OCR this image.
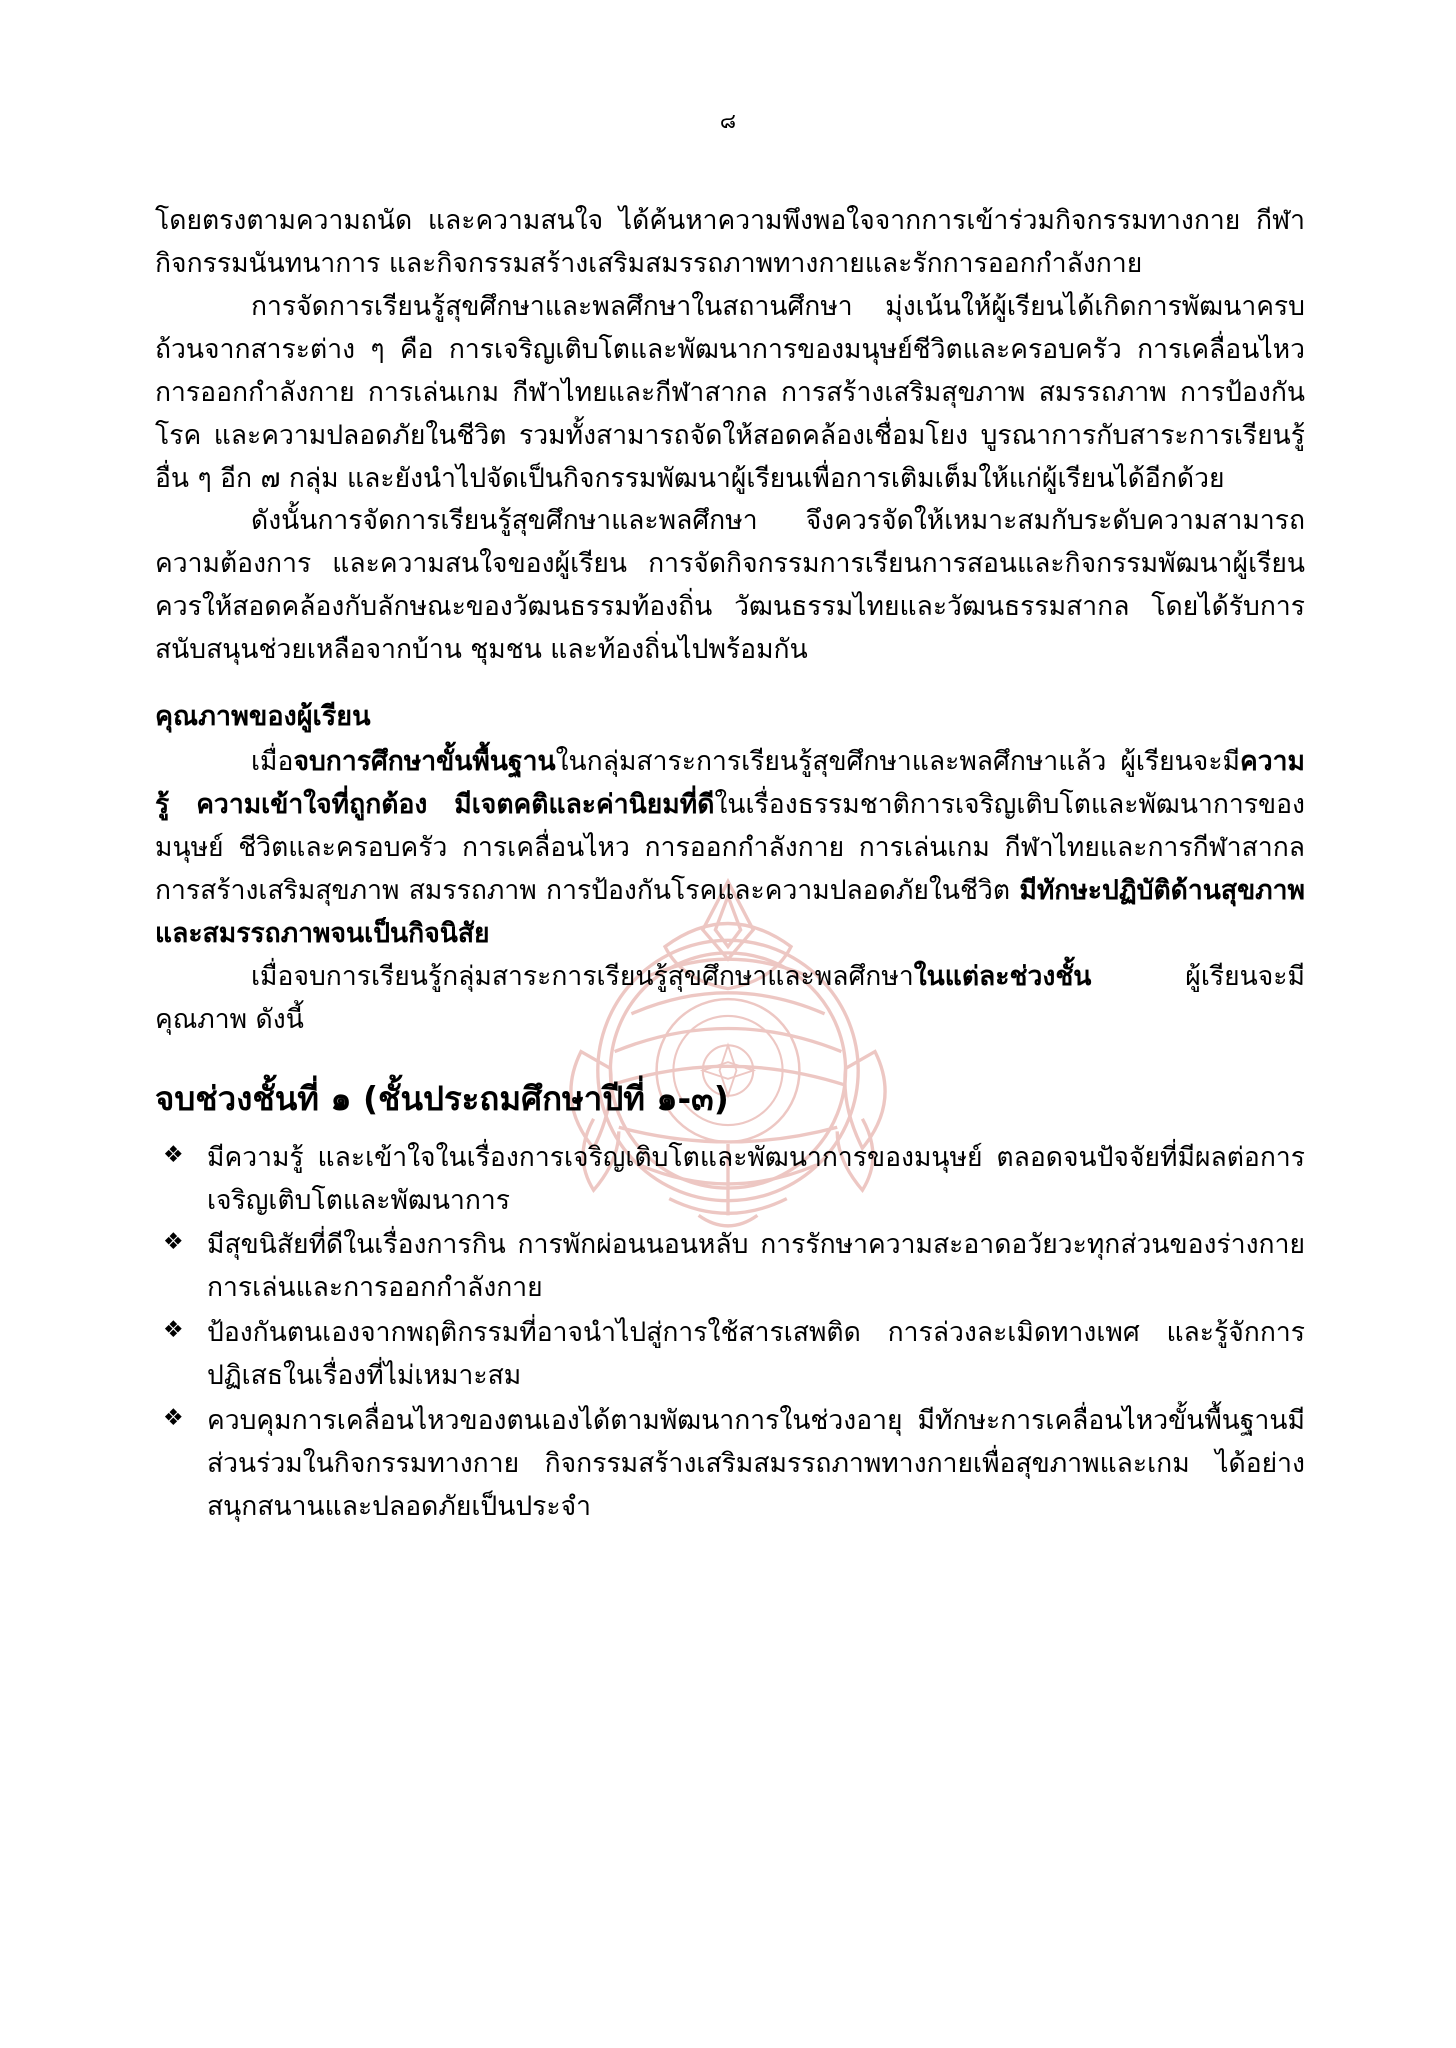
๘

โดยตรงตามความถนัด และความสนใจ ได้ค้นหาความพึงพอใจจากการเข้าร่วมกิจกรรมทางกาย กีฬา กิจกรรมนันทนาการ และกิจกรรมสร้างเสริมสมรรถภาพทางกายและรักการออกกำลังกาย

การจัดการเรียนรู้สุขศึกษาและพลศึกษาในสถานศึกษา มุ่งเน้นให้ผู้เรียนได้เกิดการพัฒนาครบถ้วนจากสาระต่าง ๆ คือ การเจริญเติบโตและพัฒนาการของมนุษย์ชีวิตและครอบครัว การเคลื่อนไหว การออกกำลังกาย การเล่นเกม กีฬาไทยและกีฬาสากล การสร้างเสริมสุขภาพ สมรรถภาพ การป้องกันโรค และความปลอดภัยในชีวิต รวมทั้งสามารถจัดให้สอดคล้องเชื่อมโยง บูรณาการกับสาระการเรียนรู้อื่น ๆ อีก ๗ กลุ่ม และยังนำไปจัดเป็นกิจกรรมพัฒนาผู้เรียนเพื่อการเติมเต็มให้แก่ผู้เรียนได้อีกด้วย

ดังนั้นการจัดการเรียนรู้สุขศึกษาและพลศึกษา จึงควรจัดให้เหมาะสมกับระดับความสามารถ ความต้องการ และความสนใจของผู้เรียน การจัดกิจกรรมการเรียนการสอนและกิจกรรมพัฒนาผู้เรียนควรให้สอดคล้องกับลักษณะของวัฒนธรรมท้องถิ่น วัฒนธรรมไทยและวัฒนธรรมสากล โดยได้รับการสนับสนุนช่วยเหลือจากบ้าน ชุมชน และท้องถิ่นไปพร้อมกัน

คุณภาพของผู้เรียน

เมื่อจบการศึกษาขั้นพื้นฐานในกลุ่มสาระการเรียนรู้สุขศึกษาและพลศึกษาแล้ว ผู้เรียนจะมีความรู้ ความเข้าใจที่ถูกต้อง มีเจตคติและค่านิยมที่ดีในเรื่องธรรมชาติการเจริญเติบโตและพัฒนาการของมนุษย์ ชีวิตและครอบครัว การเคลื่อนไหว การออกกำลังกาย การเล่นเกม กีฬาไทยและการกีฬาสากล การสร้างเสริมสุขภาพ สมรรถภาพ การป้องกันโรคและความปลอดภัยในชีวิต มีทักษะปฏิบัติด้านสุขภาพและสมรรถภาพจนเป็นกิจนิสัย

เมื่อจบการเรียนรู้กลุ่มสาระการเรียนรู้สุขศึกษาและพลศึกษาในแต่ละช่วงชั้น ผู้เรียนจะมีคุณภาพ ดังนี้

จบช่วงชั้นที่ ๑ (ชั้นประถมศึกษาปีที่ ๑-๓)
❖ มีความรู้ และเข้าใจในเรื่องการเจริญเติบโตและพัฒนาการของมนุษย์ ตลอดจนปัจจัยที่มีผลต่อการเจริญเติบโตและพัฒนาการ
❖ มีสุขนิสัยที่ดีในเรื่องการกิน การพักผ่อนนอนหลับ การรักษาความสะอาดอวัยวะทุกส่วนของร่างกาย การเล่นและการออกกำลังกาย
❖ ป้องกันตนเองจากพฤติกรรมที่อาจนำไปสู่การใช้สารเสพติด การล่วงละเมิดทางเพศ และรู้จักการปฏิเสธในเรื่องที่ไม่เหมาะสม
❖ ควบคุมการเคลื่อนไหวของตนเองได้ตามพัฒนาการในช่วงอายุ มีทักษะการเคลื่อนไหวขั้นพื้นฐานมีส่วนร่วมในกิจกรรมทางกาย กิจกรรมสร้างเสริมสมรรถภาพทางกายเพื่อสุขภาพและเกม ได้อย่างสนุกสนานและปลอดภัยเป็นประจำ
